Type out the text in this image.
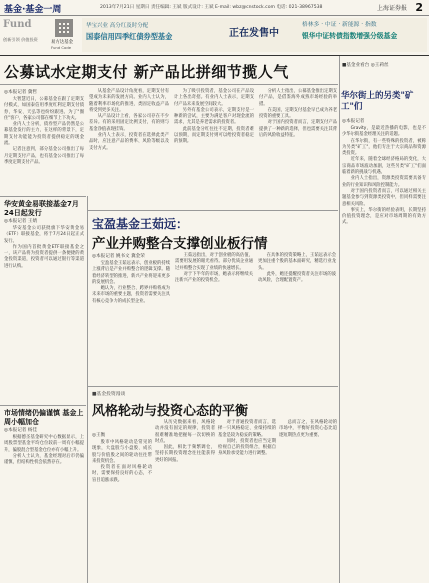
基金·基金一周	2013年7月21日 星期日 责任编辑: 王斌 版式设计: 王斌 E-mail: wbz@cnstock.com 电话: 021-38967538	上海证券报 2
Fund
创新引领 价值投资
易方达基金
Fund Code
华宝兴业 高分红及时分配
国泰信用四季红债券型基金	正在发售中
格林多 · 中证 · 新能源 · 指数
银华中证转债指数增强分级基金
公募试水定期支付 新产品比拼细节揽人气
◎本报记者 冀哲

大智慧近日，公募基金在跟了定期支付模式，如国泰信用季度红利定期支付债券，华安、天弘等也纷纷跟进。为了"圈住"客户，各家公司都在细节上下功夫。

业内人士分析，债券型产品仍然是公募基金发行的主力，在这样的背景下，定期支付功能能为投资者提供稳定的现金流。

记者注意到，部分基金公司推出了每月定期支付产品，也有基金公司推出了每季度定期支付产品。

从基金产品设计角度看，定期支付有望成为未来的发展方向。业内人士认为，随着利率市场化的推进，类固定收益产品将受到更多关注。

从产品设计上看，各家公司存在不少差异。有的采用固定比例支付，有的则与基金净值表现挂钩。

业内人士表示，投资者在选择此类产品时，应注意产品的费率、风险等级以及支付方式。

为了吸引投资者，基金公司在产品设计上各出奇招。有业内人士表示，定期支付产品未来发展空间较大。

另外有基金公司表示，定期支付是一种新的尝试，主要为满足客户对现金流的需求，尤其是养老需求的投资者。

此前基金分红往往不定期，投资者难以预期，而定期支付则可以给投资者稳定的预期。

分析人士指出，公募基金推出定期支付产品，是借鉴海外成熟市场经验的举措。

在美国，定期支付基金早已成为养老投资的重要工具。

对于国内投资者而言，定期支付产品提供了一种新的选择，但也需要关注其背后的风险收益特征。

华安黄金易联接基金7月24日起发行
◎本报记者 王婧

华安基金公司获批旗下华安黄金易（ETF）联接基金，将于7月24日起正式发行。

作为国内首批黄金ETF联接基金之一，该产品将为投资者提供一条便捷的黄金投资渠道，投资者可以通过银行等渠道进行认购。

市场情绪仍偏谨慎 基金上周小幅加仓
◎本报记者 杨佳

根据德圣基金研究中心数据显示，上周股票型基金平均仓位较前一周有小幅提升，偏股混合型基金仓位亦有小幅上升。

分析人士认为，基金经理对后市仍偏谨慎，但结构性机会依然存在。

宝盈基金王茹远：
产业并购整合支撑创业板行情
◎本报记者 姚书文 冀金荣

宝盈基金王茹远表示，创业板的持续上涨背后是产业并购整合的逻辑支撑。随着经济转型的推进，新兴产业将迎来更多的发展机会。

她认为，行业整合、跨界并购将成为未来市场的重要主题，投资者需要关注具有核心竞争力的成长型企业。

王茹远指出，对于创业板的高估值，需要用发展的眼光看待。部分优质企业通过并购整合实现了业绩的快速增长。

对于下半年的市场，她表示将继续关注新兴产业的投资机会。

在具体的投资策略上，王茹远表示会更加注重个股的基本面研究，精选行业龙头。

此外，她还提醒投资者关注市场的波动风险，合理配置资产。

■基金投资漫谈
风格轮动与投资心态的平衡
◎王衡

股市中风格轮动是常见的现象，大盘股与小盘股、成长股与价值股之间的轮动往往带来投资机会。

投资者在面对风格轮动时，需要保持良好的心态，不盲目追涨杀跌。

从历史数据来看，风格轮动并没有固定的规律，投资者很难精准地把握每一次切换的时点。

因此，相比于频繁调仓，坚持长期投资理念往往能获得更好的回报。

对于普通投资者而言，选择一只风格稳定、业绩持续的基金是较为稳妥的策略。

同时，投资者也应当定期检视自己的投资组合，根据自身风险承受能力进行调整。

总而言之，在风格轮动的市场中，平衡好投资心态比追逐短期热点更为重要。

■基金业看台 ◎王莉丝
华尔街上的另类"矿工"们
◎本报记者

Gravity，是最近热播的电影，也是不少华尔街基金经理关注的话题。

在华尔街，有一些特殊的投资者，被称为另类"矿工"，他们专注于大宗商品和资源类投资。

近年来，随着全球经济格局的变化，大宗商品市场波动加剧，这些另类"矿工"们面临着新的挑战与机遇。

业内人士指出，资源类投资需要具备专业的行业知识和风险控制能力。

对于国内投资者而言，可以通过相关主题基金参与到资源类投资中，但同样需要注意相关风险。

事实上，华尔街的经验表明，长期坚持价值投资理念，是应对市场周期的有效方式。
